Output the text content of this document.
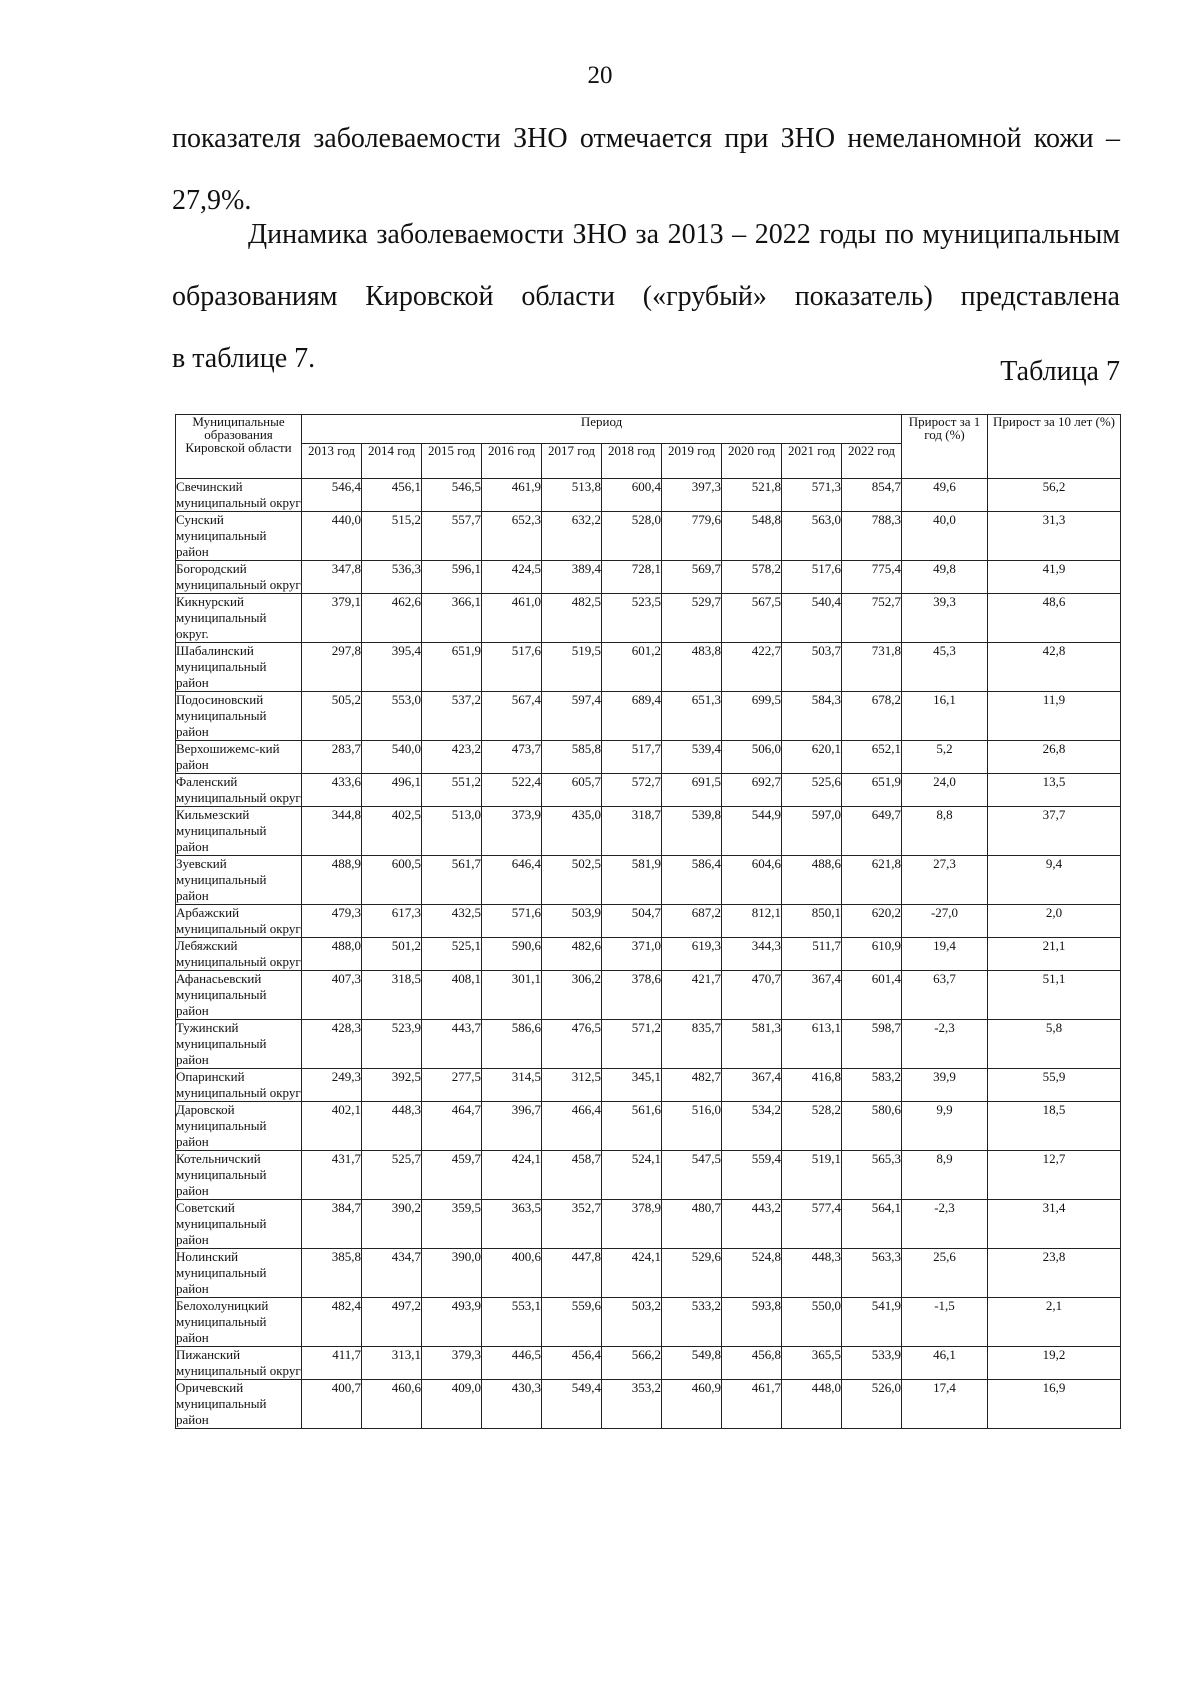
20
показателя заболеваемости ЗНО отмечается при ЗНО немеланомной кожи –
27,9%.
Динамика заболеваемости ЗНО за 2013 – 2022 годы по муниципальным
образованиям Кировской области («грубый» показатель) представлена
в таблице 7.	Таблица 7
Муниципальные образования Кировской области	Период										Прирост за 1 год (%)	Прирост за 10 лет (%)
	2013 год	2014 год	2015 год	2016 год	2017 год	2018 год	2019 год	2020 год	2021 год	2022 год		
Свечинский муниципальный округ	546,4	456,1	546,5	461,9	513,8	600,4	397,3	521,8	571,3	854,7	49,6	56,2
Сунский муниципальный район	440,0	515,2	557,7	652,3	632,2	528,0	779,6	548,8	563,0	788,3	40,0	31,3
Богородский муниципальный округ	347,8	536,3	596,1	424,5	389,4	728,1	569,7	578,2	517,6	775,4	49,8	41,9
Кикнурский муниципальный округ.	379,1	462,6	366,1	461,0	482,5	523,5	529,7	567,5	540,4	752,7	39,3	48,6
Шабалинский муниципальный район	297,8	395,4	651,9	517,6	519,5	601,2	483,8	422,7	503,7	731,8	45,3	42,8
Подосиновский муниципальный район	505,2	553,0	537,2	567,4	597,4	689,4	651,3	699,5	584,3	678,2	16,1	11,9
Верхошижемс-кий район	283,7	540,0	423,2	473,7	585,8	517,7	539,4	506,0	620,1	652,1	5,2	26,8
Фаленский муниципальный округ	433,6	496,1	551,2	522,4	605,7	572,7	691,5	692,7	525,6	651,9	24,0	13,5
Кильмезский муниципальный район	344,8	402,5	513,0	373,9	435,0	318,7	539,8	544,9	597,0	649,7	8,8	37,7
Зуевский муниципальный район	488,9	600,5	561,7	646,4	502,5	581,9	586,4	604,6	488,6	621,8	27,3	9,4
Арбажский муниципальный округ	479,3	617,3	432,5	571,6	503,9	504,7	687,2	812,1	850,1	620,2	-27,0	2,0
Лебяжский муниципальный округ	488,0	501,2	525,1	590,6	482,6	371,0	619,3	344,3	511,7	610,9	19,4	21,1
Афанасьевский муниципальный район	407,3	318,5	408,1	301,1	306,2	378,6	421,7	470,7	367,4	601,4	63,7	51,1
Тужинский муниципальный район	428,3	523,9	443,7	586,6	476,5	571,2	835,7	581,3	613,1	598,7	-2,3	5,8
Опаринский муниципальный округ	249,3	392,5	277,5	314,5	312,5	345,1	482,7	367,4	416,8	583,2	39,9	55,9
Даровской муниципальный район	402,1	448,3	464,7	396,7	466,4	561,6	516,0	534,2	528,2	580,6	9,9	18,5
Котельничский муниципальный район	431,7	525,7	459,7	424,1	458,7	524,1	547,5	559,4	519,1	565,3	8,9	12,7
Советский муниципальный район	384,7	390,2	359,5	363,5	352,7	378,9	480,7	443,2	577,4	564,1	-2,3	31,4
Нолинский муниципальный район	385,8	434,7	390,0	400,6	447,8	424,1	529,6	524,8	448,3	563,3	25,6	23,8
Белохолуницкий муниципальный район	482,4	497,2	493,9	553,1	559,6	503,2	533,2	593,8	550,0	541,9	-1,5	2,1
Пижанский муниципальный округ	411,7	313,1	379,3	446,5	456,4	566,2	549,8	456,8	365,5	533,9	46,1	19,2
Оричевский муниципальный район	400,7	460,6	409,0	430,3	549,4	353,2	460,9	461,7	448,0	526,0	17,4	16,9
